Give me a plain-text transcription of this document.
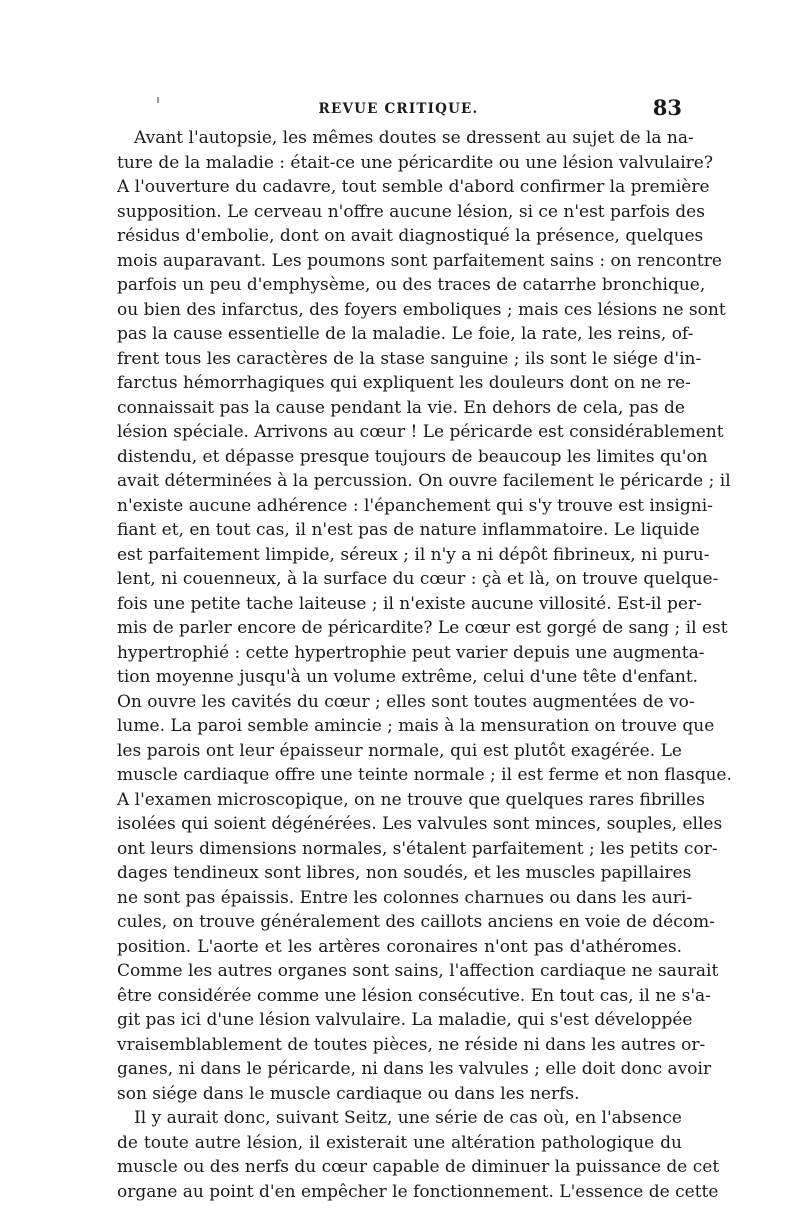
REVUE CRITIQUE.	83
Avant l'autopsie, les mêmes doutes se dressent au sujet de la na-
ture de la maladie : était-ce une péricardite ou une lésion valvulaire?
A l'ouverture du cadavre, tout semble d'abord confirmer la première
supposition. Le cerveau n'offre aucune lésion, si ce n'est parfois des
résidus d'embolie, dont on avait diagnostiqué la présence, quelques
mois auparavant. Les poumons sont parfaitement sains : on rencontre
parfois un peu d'emphysème, ou des traces de catarrhe bronchique,
ou bien des infarctus, des foyers emboliques ; mais ces lésions ne sont
pas la cause essentielle de la maladie. Le foie, la rate, les reins, of-
frent tous les caractères de la stase sanguine ; ils sont le siége d'in-
farctus hémorrhagiques qui expliquent les douleurs dont on ne re-
connaissait pas la cause pendant la vie. En dehors de cela, pas de
lésion spéciale. Arrivons au cœur ! Le péricarde est considérablement
distendu, et dépasse presque toujours de beaucoup les limites qu'on
avait déterminées à la percussion. On ouvre facilement le péricarde ; il
n'existe aucune adhérence : l'épanchement qui s'y trouve est insigni-
fiant et, en tout cas, il n'est pas de nature inflammatoire. Le liquide
est parfaitement limpide, séreux ; il n'y a ni dépôt fibrineux, ni puru-
lent, ni couenneux, à la surface du cœur : çà et là, on trouve quelque-
fois une petite tache laiteuse ; il n'existe aucune villosité. Est-il per-
mis de parler encore de péricardite? Le cœur est gorgé de sang ; il est
hypertrophié : cette hypertrophie peut varier depuis une augmenta-
tion moyenne jusqu'à un volume extrême, celui d'une tête d'enfant.
On ouvre les cavités du cœur ; elles sont toutes augmentées de vo-
lume. La paroi semble amincie ; mais à la mensuration on trouve que
les parois ont leur épaisseur normale, qui est plutôt exagérée. Le
muscle cardiaque offre une teinte normale ; il est ferme et non flasque.
A l'examen microscopique, on ne trouve que quelques rares fibrilles
isolées qui soient dégénérées. Les valvules sont minces, souples, elles
ont leurs dimensions normales, s'étalent parfaitement ; les petits cor-
dages tendineux sont libres, non soudés, et les muscles papillaires
ne sont pas épaissis. Entre les colonnes charnues ou dans les auri-
cules, on trouve généralement des caillots anciens en voie de décom-
position. L'aorte et les artères coronaires n'ont pas d'athéromes.
Comme les autres organes sont sains, l'affection cardiaque ne saurait
être considérée comme une lésion consécutive. En tout cas, il ne s'a-
git pas ici d'une lésion valvulaire. La maladie, qui s'est développée
vraisemblablement de toutes pièces, ne réside ni dans les autres or-
ganes, ni dans le péricarde, ni dans les valvules ; elle doit donc avoir
son siége dans le muscle cardiaque ou dans les nerfs.
Il y aurait donc, suivant Seitz, une série de cas où, en l'absence
de toute autre lésion, il existerait une altération pathologique du
muscle ou des nerfs du cœur capable de diminuer la puissance de cet
organe au point d'en empêcher le fonctionnement. L'essence de cette
